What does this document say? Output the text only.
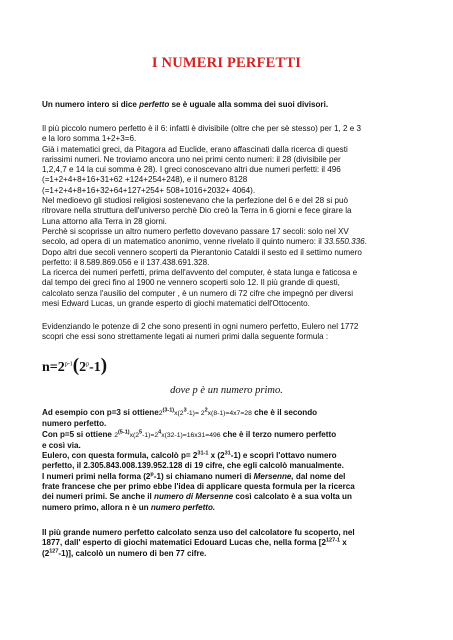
I NUMERI PERFETTI
Un numero intero si dice perfetto se è uguale alla somma dei suoi divisori.
Il più piccolo numero perfetto è il 6: infatti è divisibile (oltre che per sè stesso) per 1, 2 e 3
e la loro somma 1+2+3=6.
Già i matematici greci, da Pitagora ad Euclide, erano affascinati dalla ricerca di questi
rarissimi numeri. Ne troviamo ancora uno nei primi cento numeri: il 28 (divisibile per
1,2,4,7 e 14 la cui somma è 28). I greci conoscevano altri due numeri perfetti: il 496
(=1+2+4+8+16+31+62 +124+254+248), e il numero 8128
(=1+2+4+8+16+32+64+127+254+ 508+1016+2032+ 4064).
Nel medioevo gli studiosi religiosi sostenevano che la perfezione del 6 e del 28 si può
ritrovare nella struttura dell'universo perchè Dio creò la Terra in 6 giorni e fece girare la
Luna attorno alla Terra in 28 giorni.
Perchè si scoprisse un altro numero perfetto dovevano passare 17 secoli: solo nel XV
secolo, ad opera di un matematico anonimo, venne rivelato il quinto numero: il 33.550.336.
Dopo altri due secoli vennero scoperti da Pierantonio Cataldi il sesto ed il settimo numero
perfetto: il 8.589.869.056 e il 137.438.691.328.
La ricerca dei numeri perfetti, prima dell'avvento del computer, è stata lunga e faticosa e
dal tempo dei greci fino al 1900 ne vennero scoperti solo 12. Il più grande di questi,
calcolato senza l'ausilio del computer , è un numero di 72 cifre che impegnò per diversi
mesi Edward Lucas, un grande esperto di giochi matematici dell'Ottocento.
Evidenziando le potenze di 2 che sono presenti in ogni numero perfetto, Eulero nel 1772
scopri che essi sono strettamente legati ai numeri primi dalla seguente formula :
$n=2^{p-1}(2^p-1)$
dove p è un numero primo.
Ad esempio con p=3 si $ottiene2^{(3-1)}x(2^3-1)= 2^2x(8-1)=4x7=28$ che è il secondo
numero perfetto.
Con p=5 si ottiene $2^{(5-1)}x(2^5-1)=2^4x(32-1)=16x31=496$ che è il terzo numero perfetto
e così via.
Eulero, con questa formula, calcolò $p= 2^{31-1}$ x $(2^{31}-1)$ e scoprì l'ottavo numero
perfetto, il 2.305.843.008.139.952.128 di 19 cifre, che egli calcolò manualmente.
I numeri primi nella forma (2$^p$-1) si chiamano numeri di Mersenne, dal nome del
frate francese che per primo ebbe l'idea di applicare questa formula per la ricerca
dei numeri primi. Se anche il numero di Mersenne così calcolato è a sua volta un
numero primo, allora n è un numero perfetto.
Il più grande numero perfetto calcolato senza uso del calcolatore fu scoperto, nel
1877, dall' esperto di giochi matematici Edouard Lucas che, nella forma [2$^{127-1}$ x
$(2^{127}-1)$], calcolò un numero di ben 77 cifre.
